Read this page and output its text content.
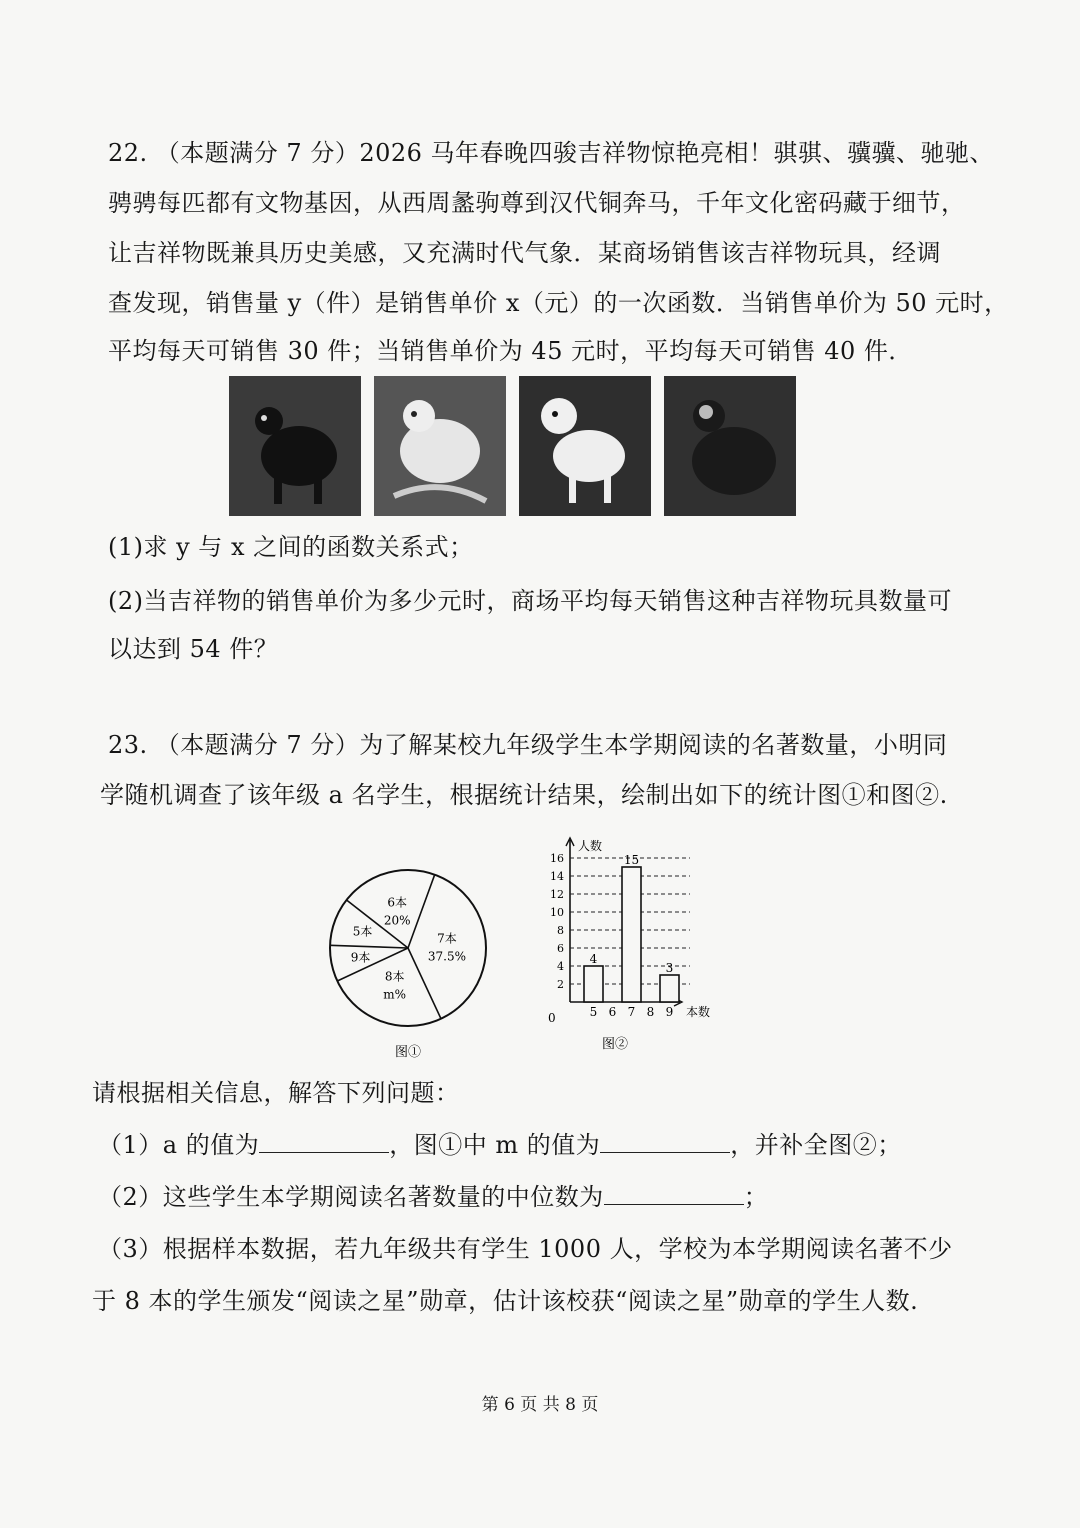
22. （本题满分 7 分）2026 马年春晚四骏吉祥物惊艳亮相！骐骐、骥骥、驰驰、
骋骋每匹都有文物基因，从西周盠驹尊到汉代铜奔马，千年文化密码藏于细节，
让吉祥物既兼具历史美感，又充满时代气象．某商场销售该吉祥物玩具，经调
查发现，销售量 y（件）是销售单价 x（元）的一次函数．当销售单价为 50 元时，
平均每天可销售 30 件；当销售单价为 45 元时，平均每天可销售 40 件．
(1)求 y 与 x 之间的函数关系式；
(2)当吉祥物的销售单价为多少元时，商场平均每天销售这种吉祥物玩具数量可
以达到 54 件？
23. （本题满分 7 分）为了解某校九年级学生本学期阅读的名著数量，小明同
学随机调查了该年级 a 名学生，根据统计结果，绘制出如下的统计图①和图②.
7本
37.5%
8本
m%
9本
5本
6本
20%
图①
人数
本数
0
2
4
6
8
10
12
14
16
5
4
6 7
15
8 9
3
图②
请根据相关信息，解答下列问题：
（1）a 的值为	，图①中 m 的值为	，并补全图②；
（2）这些学生本学期阅读名著数量的中位数为	；
（3）根据样本数据，若九年级共有学生 1000 人，学校为本学期阅读名著不少
于 8 本的学生颁发“阅读之星”勋章，估计该校获“阅读之星”勋章的学生人数.
第 6 页 共 8 页
